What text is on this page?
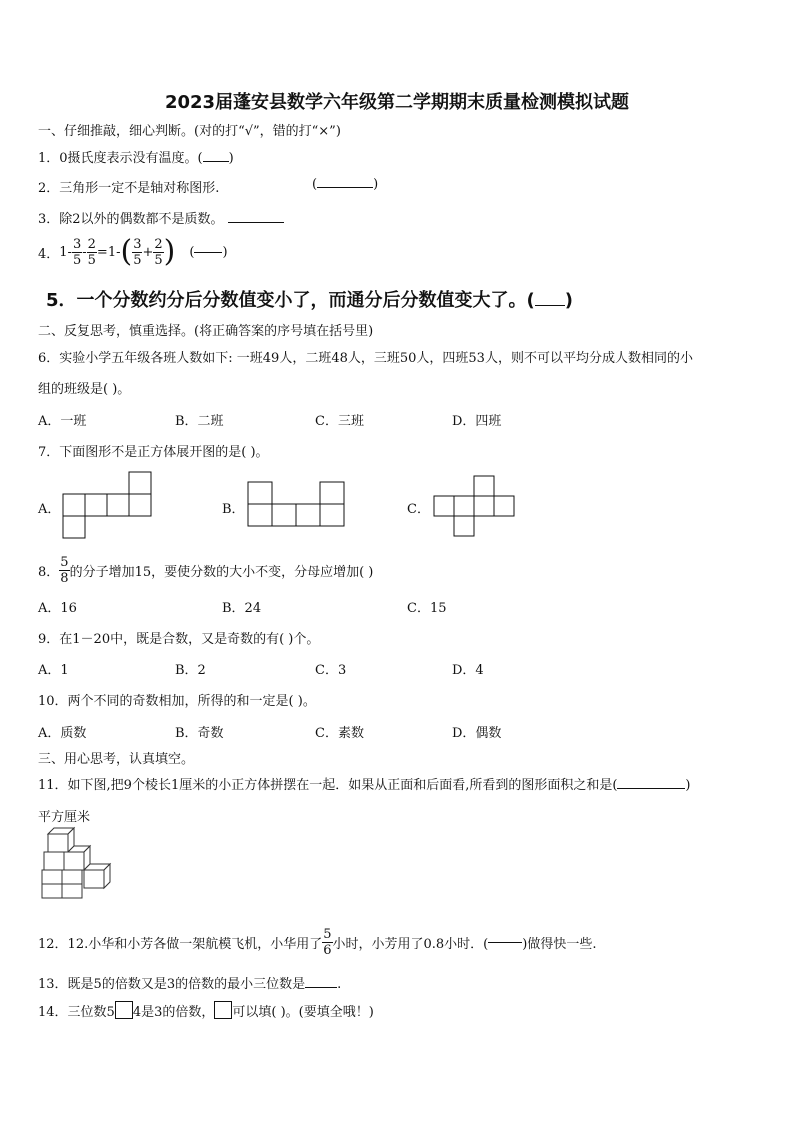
2023届蓬安县数学六年级第二学期期末质量检测模拟试题
一、仔细推敲，细心判断。(对的打“√”，错的打“×”)
1．0摄氏度表示没有温度。( )
2．三角形一定不是轴对称图形.	(	)
3．除2以外的偶数都不是质数。
4． $1- \frac{3}{5} - \frac{2}{5} =1-$ ( $\frac{3}{5} + \frac{2}{5}$ ) ( )
5．一个分数约分后分数值变小了，而通分后分数值变大了。( )
二、反复思考，慎重选择。(将正确答案的序号填在括号里)
6．实验小学五年级各班人数如下: 一班49人，二班48人，三班50人，四班53人，则不可以平均分成人数相同的小
组的班级是( )。
A．一班	B．二班	C．三班	D．四班
7．下面图形不是正方体展开图的是( )。
A．	B．	C．
8． $\frac{5}{8}$ 的分子增加15，要使分数的大小不变，分母应增加( )
A．16	B．24	C．15
9．在1－20中，既是合数，又是奇数的有( )个。
A．1	B．2	C．3	D．4
10．两个不同的奇数相加，所得的和一定是( )。
A．质数	B．奇数	C．素数	D．偶数
三、用心思考，认真填空。
11．如下图,把9个棱长1厘米的小正方体拼摆在一起．如果从正面和后面看,所看到的图形面积之和是(	)
平方厘米
12．12.小华和小芳各做一架航模飞机，小华用了 $\frac{5}{6}$ 小时，小芳用了0.8小时．(	)做得快一些.
13．既是5的倍数又是3的倍数的最小三位数是 .
14．三位数5 4是3的倍数， 可以填( )。(要填全哦！)
